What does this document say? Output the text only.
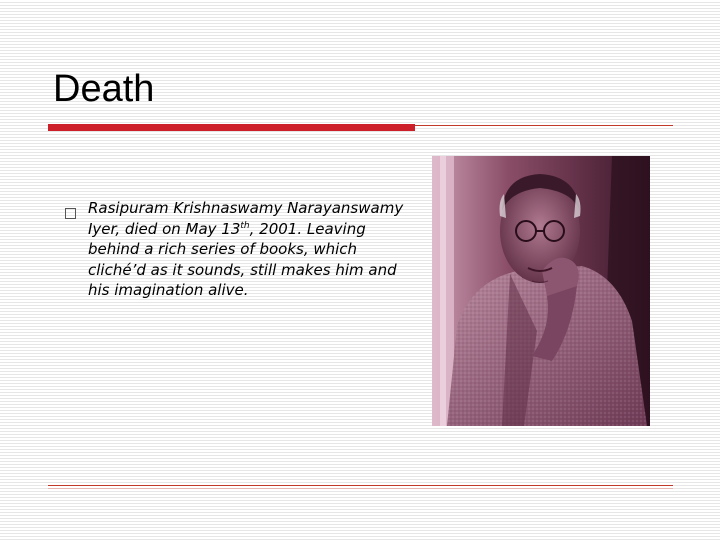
Death
Rasipuram Krishnaswamy Narayanswamy Iyer, died on May 13th, 2001. Leaving behind a rich series of books, which cliché’d as it sounds, still makes him and his imagination alive.
